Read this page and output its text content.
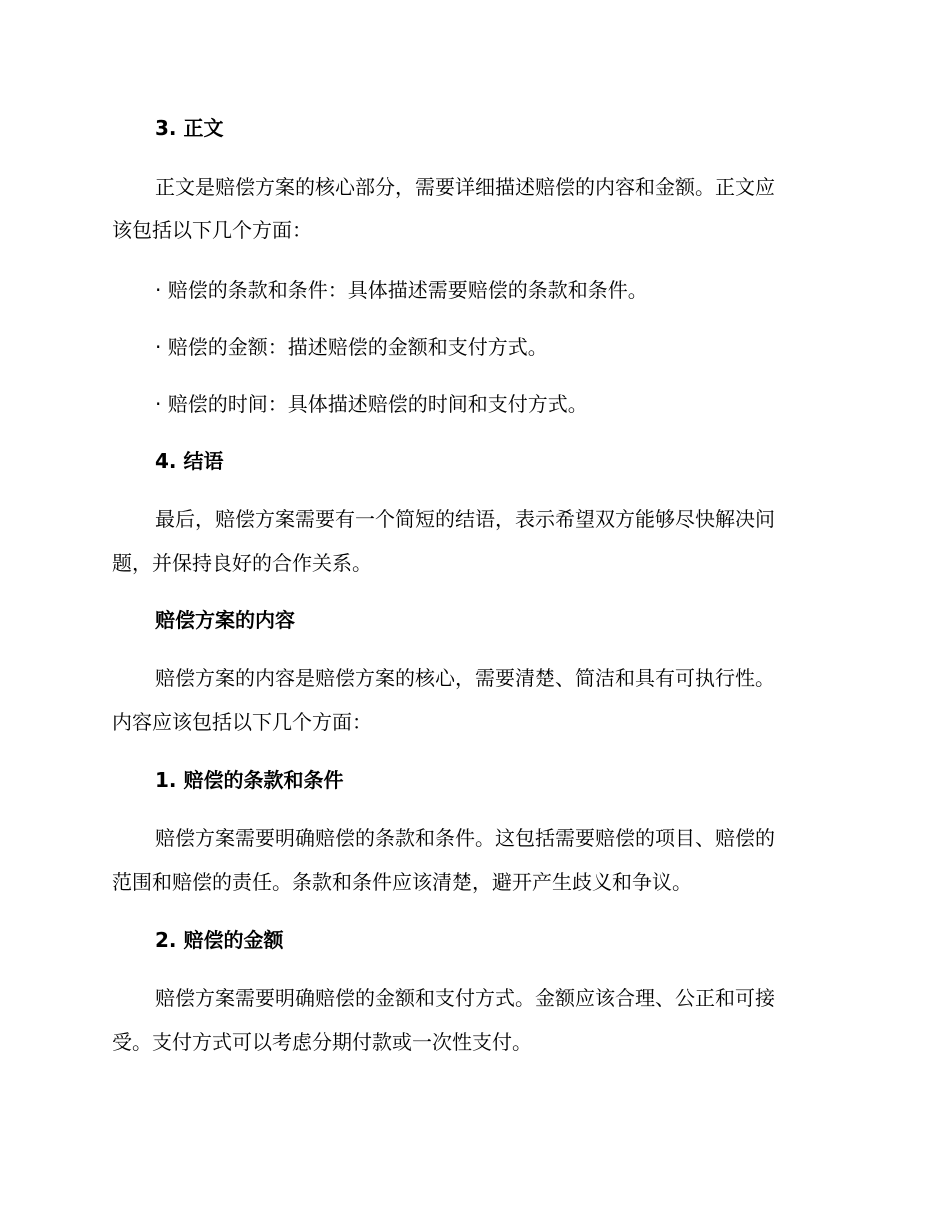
3. 正文
正文是赔偿方案的核心部分，需要详细描述赔偿的内容和金额。正文应
该包括以下几个方面：
· 赔偿的条款和条件：具体描述需要赔偿的条款和条件。
· 赔偿的金额：描述赔偿的金额和支付方式。
· 赔偿的时间：具体描述赔偿的时间和支付方式。
4. 结语
最后，赔偿方案需要有一个简短的结语，表示希望双方能够尽快解决问
题，并保持良好的合作关系。
赔偿方案的内容
赔偿方案的内容是赔偿方案的核心，需要清楚、简洁和具有可执行性。
内容应该包括以下几个方面：
1. 赔偿的条款和条件
赔偿方案需要明确赔偿的条款和条件。这包括需要赔偿的项目、赔偿的
范围和赔偿的责任。条款和条件应该清楚，避开产生歧义和争议。
2. 赔偿的金额
赔偿方案需要明确赔偿的金额和支付方式。金额应该合理、公正和可接
受。支付方式可以考虑分期付款或一次性支付。
